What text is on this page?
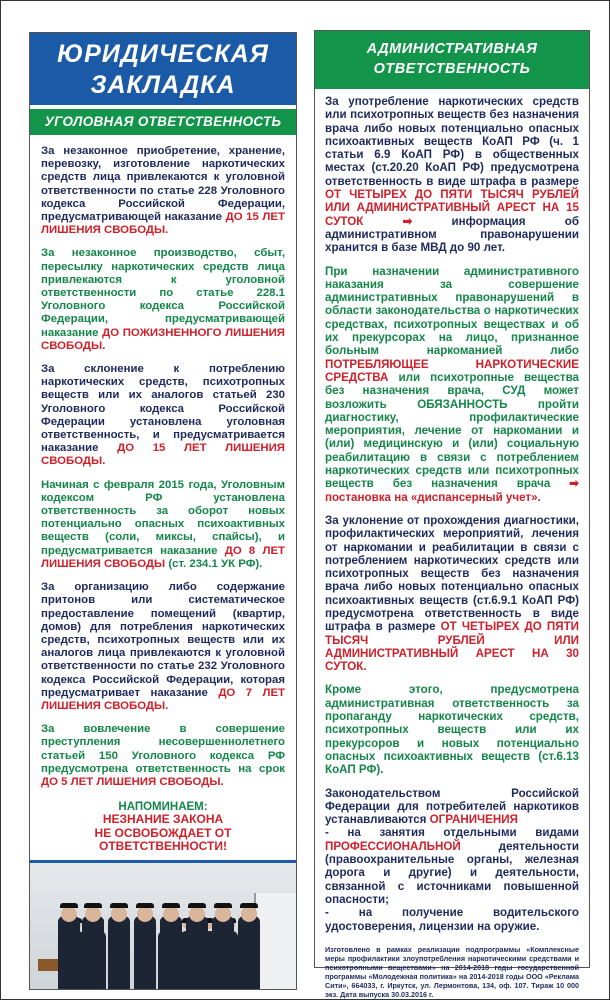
ЮРИДИЧЕСКАЯ
ЗАКЛАДКА
УГОЛОВНАЯ ОТВЕТСТВЕННОСТЬ

За незаконное приобретение, хранение, перевозку, изготовление наркотических средств лица привлекаются к уголовной ответственности по статье 228 Уголовного кодекса Российской Федерации, предусматривающей наказание ДО 15 ЛЕТ ЛИШЕНИЯ СВОБОДЫ.

За незаконное производство, сбыт, пересылку наркотических средств лица привлекаются к уголовной ответственности по статье 228.1 Уголовного кодекса Российской Федерации, предусматривающей наказание ДО ПОЖИЗНЕННОГО ЛИШЕНИЯ СВОБОДЫ.

За склонение к потреблению наркотических средств, психотропных веществ или их аналогов статьей 230 Уголовного кодекса Российской Федерации установлена уголовная ответственность, и предусматривается наказание ДО 15 ЛЕТ ЛИШЕНИЯ СВОБОДЫ.

Начиная с февраля 2015 года, Уголовным кодексом РФ установлена ответственность за оборот новых потенциально опасных психоактивных веществ (соли, миксы, спайсы), и предусматривается наказание ДО 8 ЛЕТ ЛИШЕНИЯ СВОБОДЫ (ст. 234.1 УК РФ).

За организацию либо содержание притонов или систематическое предоставление помещений (квартир, домов) для потребления наркотических средств, психотропных веществ или их аналогов лица привлекаются к уголовной ответственности по статье 232 Уголовного кодекса Российской Федерации, которая предусматривает наказание ДО 7 ЛЕТ ЛИШЕНИЯ СВОБОДЫ.

За вовлечение в совершение преступления несовершеннолетнего статьей 150 Уголовного кодекса РФ предусмотрена ответственность на срок ДО 5 ЛЕТ ЛИШЕНИЯ СВОБОДЫ.

НАПОМИНАЕМ:
НЕЗНАНИЕ ЗАКОНА
НЕ ОСВОБОЖДАЕТ ОТ
ОТВЕТСТВЕННОСТИ!
АДМИНИСТРАТИВНАЯ
ОТВЕТСТВЕННОСТЬ

За употребление наркотических средств или психотропных веществ без назначения врача либо новых потенциально опасных психоактивных веществ КоАП РФ (ч. 1 статьи 6.9 КоАП РФ) в общественных местах (ст.20.20 КоАП РФ) предусмотрена ответственность в виде штрафа в размере ОТ ЧЕТЫРЕХ ДО ПЯТИ ТЫСЯЧ РУБЛЕЙ ИЛИ АДМИНИСТРАТИВНЫЙ АРЕСТ НА 15 СУТОК	➡ информация об административном правонарушении хранится в базе МВД до 90 лет.

При назначении административного наказания за совершение административных правонарушений в области законодательства о наркотических средствах, психотропных веществах и об их прекурсорах на лицо, признанное больным наркоманией либо ПОТРЕБЛЯЮЩЕЕ НАРКОТИЧЕСКИЕ СРЕДСТВА или психотропные вещества без назначения врача, СУД может возложить ОБЯЗАННОСТЬ пройти диагностику, профилактические мероприятия, лечение от наркомании и (или) медицинскую и (или) социальную реабилитацию в связи с потреблением наркотических средств или психотропных веществ без назначения врача ➡ постановка на «диспансерный учет».

За уклонение от прохождения диагностики, профилактических мероприятий, лечения от наркомании и реабилитации в связи с потреблением наркотических средств или психотропных веществ без назначения врача либо новых потенциально опасных психоактивных веществ (ст.6.9.1 КоАП РФ) предусмотрена ответственность в виде штрафа в размере ОТ ЧЕТЫРЕХ ДО ПЯТИ ТЫСЯЧ РУБЛЕЙ ИЛИ АДМИНИСТРАТИВНЫЙ АРЕСТ НА 30 СУТОК.

Кроме этого, предусмотрена административная ответственность за пропаганду наркотических средств, психотропных веществ или их прекурсоров и новых потенциально опасных психоактивных веществ (ст.6.13 КоАП РФ).

Законодательством Российской Федерации для потребителей наркотиков устанавливаются ОГРАНИЧЕНИЯ
- на занятия отдельными видами ПРОФЕССИОНАЛЬНОЙ деятельности (правоохранительные органы, железная дорога и другие) и деятельности, связанной с источниками повышенной опасности;
- на получение водительского удостоверения, лицензии на оружие.

Изготовлено в рамках реализации подпрограммы «Комплексные меры профилактики злоупотребления наркотическими средствами и психотропными веществами» на 2014-2018 годы государственной программы «Молодежная политика» на 2014-2018 годы ООО «Реклама Сити», 664033, г. Иркутск, ул. Лермонтова, 134, оф. 107. Тираж 10 000 экз. Дата выпуска 30.03.2016 г.
